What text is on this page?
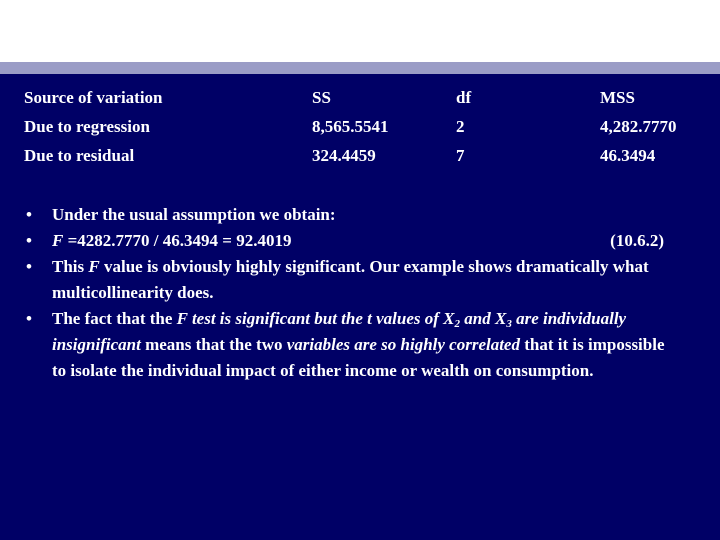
Source of variation	SS	df	MSS
Due to regression	8,565.5541	2	4,282.7770
Due to residual	324.4459	7	46.3494
• Under the usual assumption we obtain:
• F =4282.7770 / 46.3494 = 92.4019	(10.6.2)
• This F value is obviously highly significant. Our example shows dramatically what multicollinearity does.
• The fact that the F test is significant but the t values of $X_2$ and $X_3$ are individually insignificant means that the two variables are so highly correlated that it is impossible to isolate the individual impact of either income or wealth on consumption.
